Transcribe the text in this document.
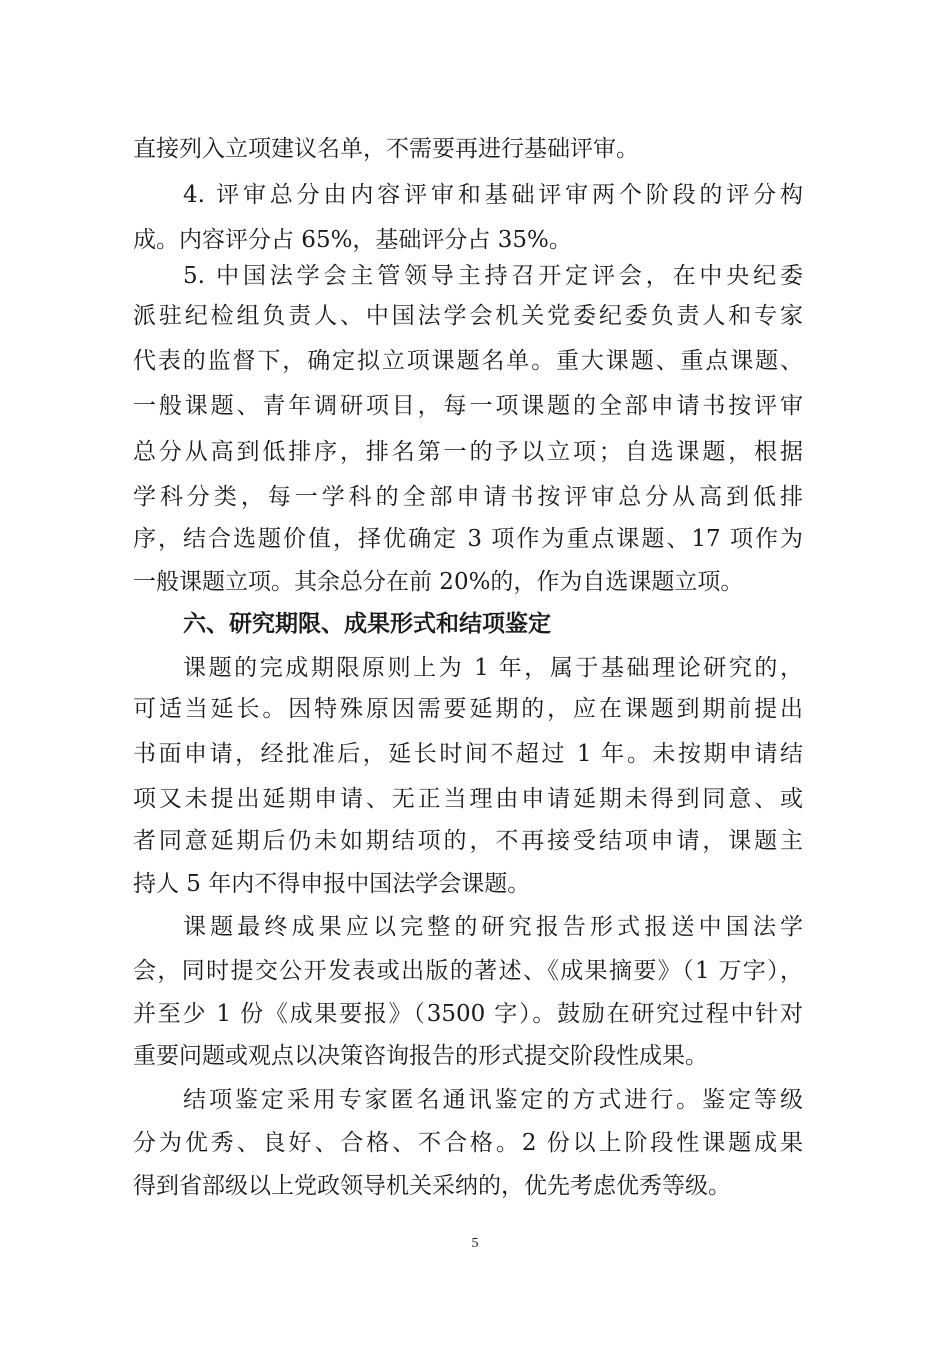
直接列入立项建议名单，不需要再进行基础评审。
4. 评审总分由内容评审和基础评审两个阶段的评分构
成。内容评分占 65%，基础评分占 35%。
5. 中国法学会主管领导主持召开定评会，在中央纪委
派驻纪检组负责人、中国法学会机关党委纪委负责人和专家
代表的监督下，确定拟立项课题名单。重大课题、重点课题、
一般课题、青年调研项目，每一项课题的全部申请书按评审
总分从高到低排序，排名第一的予以立项；自选课题，根据
学科分类，每一学科的全部申请书按评审总分从高到低排
序，结合选题价值，择优确定 3 项作为重点课题、17 项作为
一般课题立项。其余总分在前 20%的，作为自选课题立项。
六、研究期限、成果形式和结项鉴定
课题的完成期限原则上为 1 年，属于基础理论研究的，
可适当延长。因特殊原因需要延期的，应在课题到期前提出
书面申请，经批准后，延长时间不超过 1 年。未按期申请结
项又未提出延期申请、无正当理由申请延期未得到同意、或
者同意延期后仍未如期结项的，不再接受结项申请，课题主
持人 5 年内不得申报中国法学会课题。
课题最终成果应以完整的研究报告形式报送中国法学
会，同时提交公开发表或出版的著述、《成果摘要》（1 万字），
并至少 1 份《成果要报》（3500 字）。鼓励在研究过程中针对
重要问题或观点以决策咨询报告的形式提交阶段性成果。
结项鉴定采用专家匿名通讯鉴定的方式进行。鉴定等级
分为优秀、良好、合格、不合格。2 份以上阶段性课题成果
得到省部级以上党政领导机关采纳的，优先考虑优秀等级。
5
